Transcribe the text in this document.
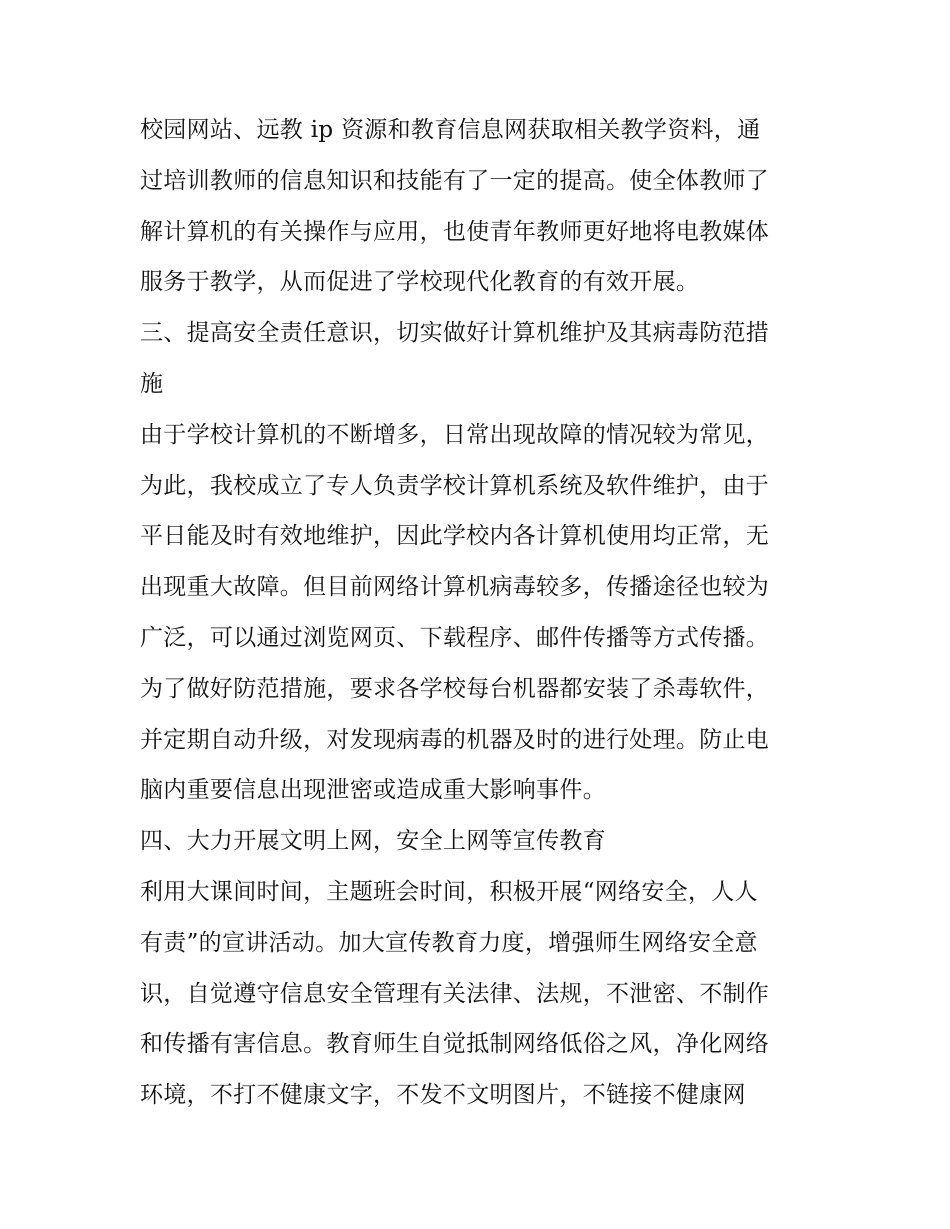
校园网站、远教 ip 资源和教育信息网获取相关教学资料，通
过培训教师的信息知识和技能有了一定的提高。使全体教师了
解计算机的有关操作与应用，也使青年教师更好地将电教媒体
服务于教学，从而促进了学校现代化教育的有效开展。
三、提高安全责任意识，切实做好计算机维护及其病毒防范措
施
由于学校计算机的不断增多，日常出现故障的情况较为常见，
为此，我校成立了专人负责学校计算机系统及软件维护，由于
平日能及时有效地维护，因此学校内各计算机使用均正常，无
出现重大故障。但目前网络计算机病毒较多，传播途径也较为
广泛，可以通过浏览网页、下载程序、邮件传播等方式传播。
为了做好防范措施，要求各学校每台机器都安装了杀毒软件，
并定期自动升级，对发现病毒的机器及时的进行处理。防止电
脑内重要信息出现泄密或造成重大影响事件。
四、大力开展文明上网，安全上网等宣传教育
利用大课间时间，主题班会时间，积极开展“网络安全，人人
有责”的宣讲活动。加大宣传教育力度，增强师生网络安全意
识，自觉遵守信息安全管理有关法律、法规，不泄密、不制作
和传播有害信息。教育师生自觉抵制网络低俗之风，净化网络
环境，不打不健康文字，不发不文明图片，不链接不健康网
